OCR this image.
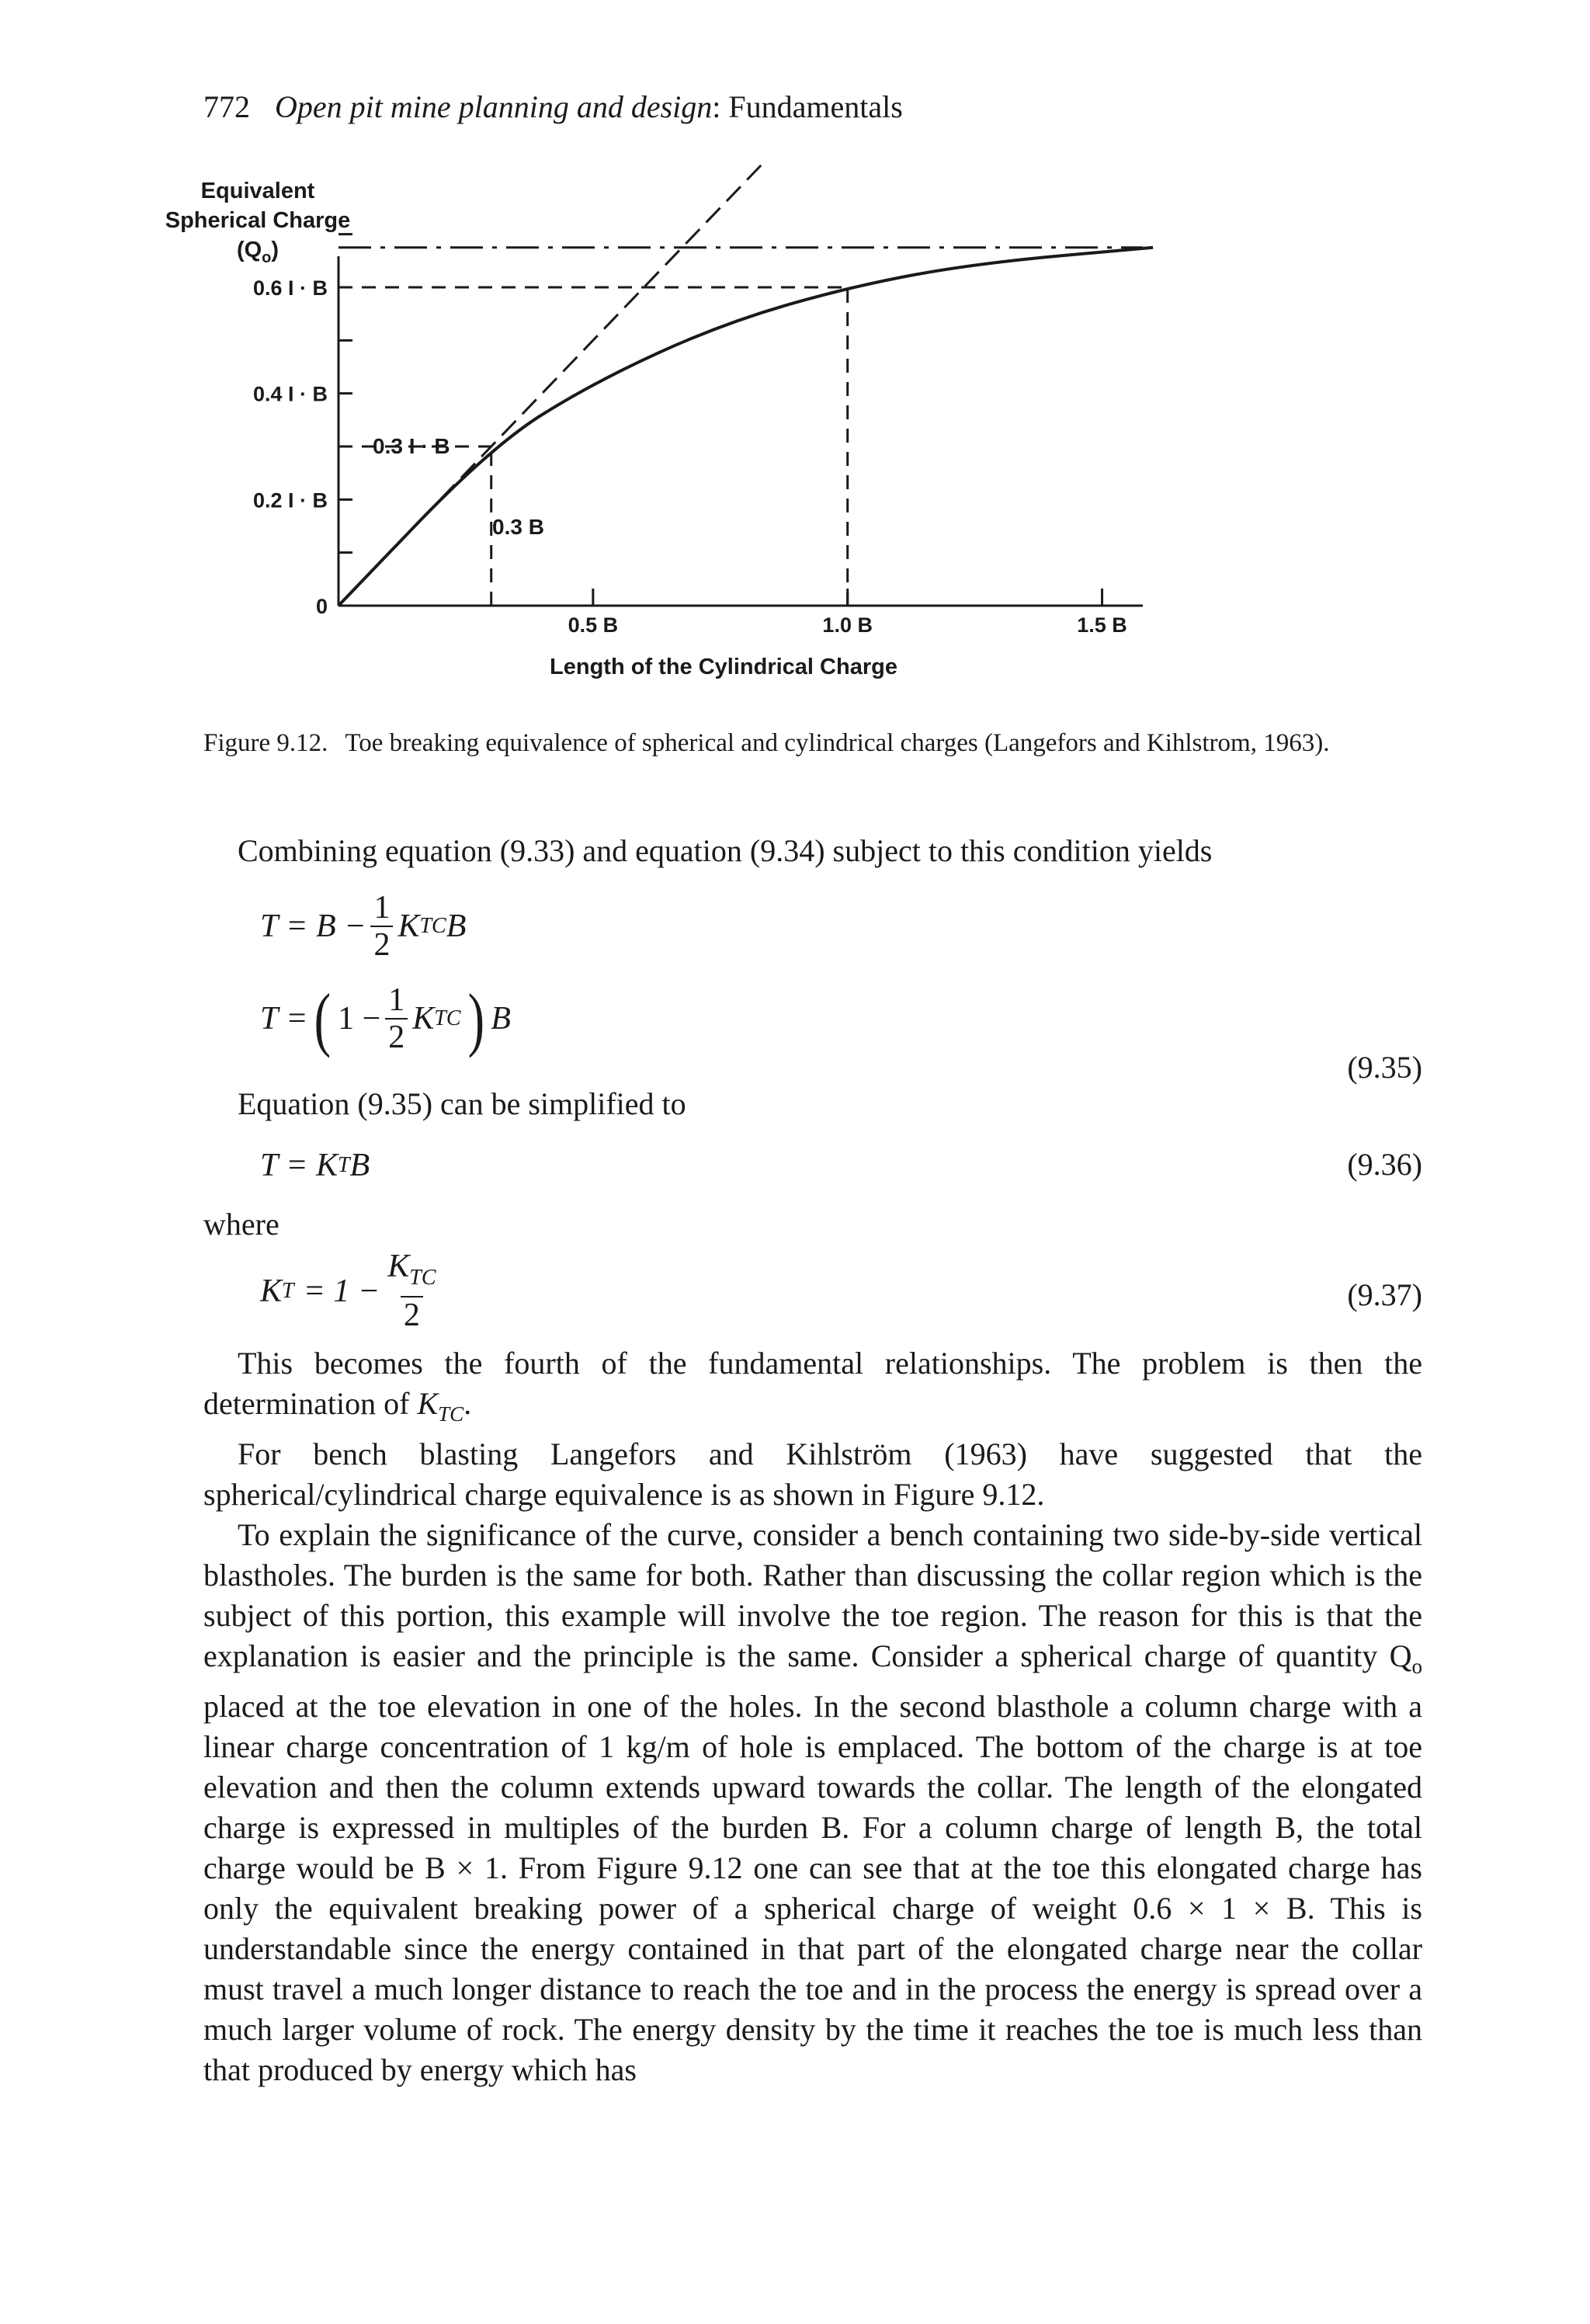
772 Open pit mine planning and design: Fundamentals
Equivalent
Spherical Charge
$(Q_o)$
0
0.2 I · B
0.4 I · B
0.6 I · B
0.5 B	1.0 B	1.5 B
0.3 I · B
0.3 B
Length of the Cylindrical Charge
Figure 9.12. Toe breaking equivalence of spherical and cylindrical charges (Langefors and Kihlstrom, 1963).

Combining equation (9.33) and equation (9.34) subject to this condition yields

$T = B - \frac{1}{2}$ K TC B
T = ( $1 - \frac{1}{2}$ K TC ) B
(9.35)

Equation (9.35) can be simplified to

T = K T B	(9.36)

where

K $T = 1 - \frac{K_{TC}}{2}$	(9.37)

This becomes the fourth of the fundamental relationships. The problem is then the determination of $K_{TC}$.

For bench blasting Langefors and Kihlström (1963) have suggested that the spherical/cylindrical charge equivalence is as shown in Figure 9.12.

To explain the significance of the curve, consider a bench containing two side-by-side vertical blastholes. The burden is the same for both. Rather than discussing the collar region which is the subject of this portion, this example will involve the toe region. The reason for this is that the explanation is easier and the principle is the same. Consider a spherical charge of quantity $Q_o$ placed at the toe elevation in one of the holes. In the second blasthole a column charge with a linear charge concentration of 1 kg/m of hole is emplaced. The bottom of the charge is at toe elevation and then the column extends upward towards the collar. The length of the elongated charge is expressed in multiples of the burden B. For a column charge of length B, the total charge would be B × 1. From Figure 9.12 one can see that at the toe this elongated charge has only the equivalent breaking power of a spherical charge of weight 0.6 × 1 × B. This is understandable since the energy contained in that part of the elongated charge near the collar must travel a much longer distance to reach the toe and in the process the energy is spread over a much larger volume of rock. The energy density by the time it reaches the toe is much less than that produced by energy which has
